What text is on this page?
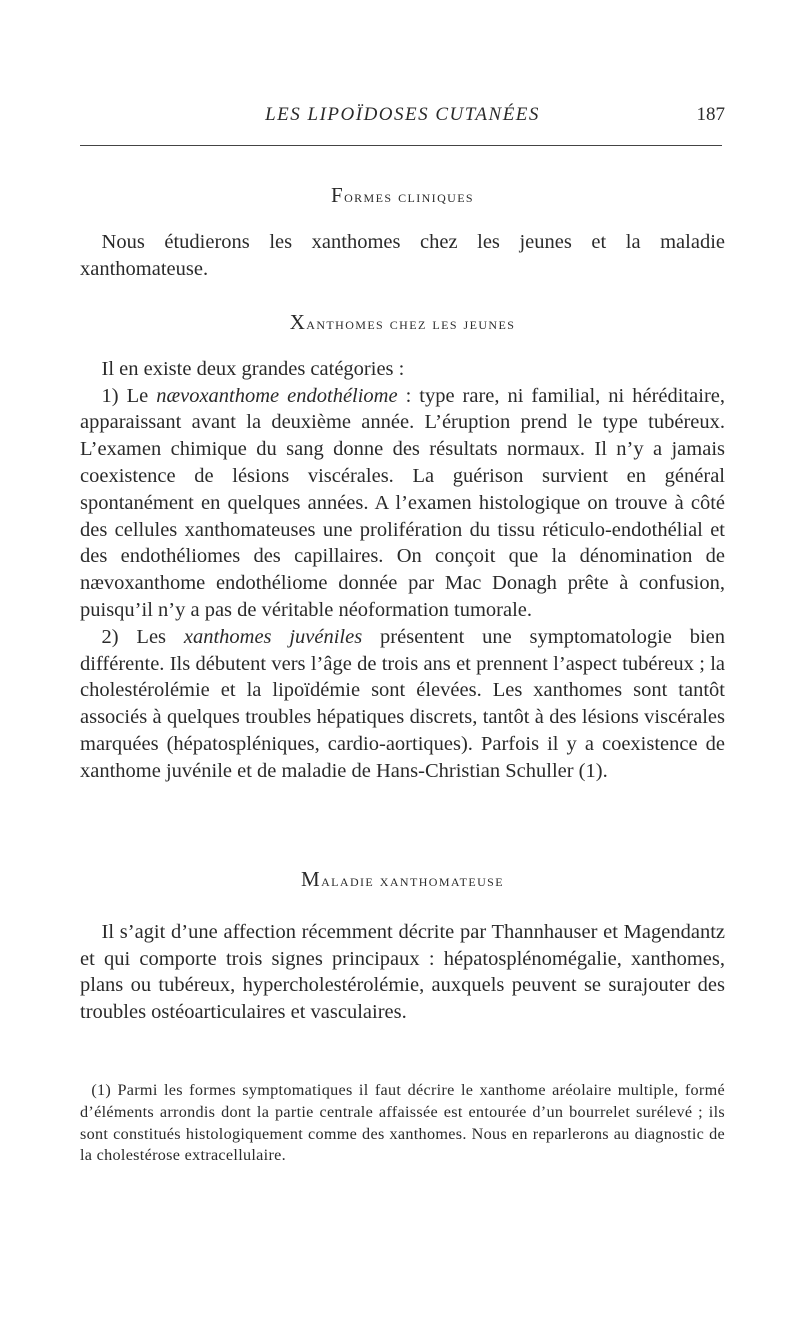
LES LIPOÏDOSES CUTANÉES	187
Formes cliniques

Nous étudierons les xanthomes chez les jeunes et la maladie xanthomateuse.

Xanthomes chez les jeunes

Il en existe deux grandes catégories :

1) Le nævoxanthome endothéliome : type rare, ni familial, ni héréditaire, apparaissant avant la deuxième année. L’éruption prend le type tubéreux. L’examen chimique du sang donne des résultats normaux. Il n’y a jamais coexistence de lésions viscérales. La guérison survient en général spontanément en quelques années. A l’examen histologique on trouve à côté des cellules xanthomateuses une prolifération du tissu réticulo-endothélial et des endothéliomes des capillaires. On conçoit que la dénomination de nævoxanthome endothéliome donnée par Mac Donagh prête à confusion, puisqu’il n’y a pas de véritable néoformation tumorale.

2) Les xanthomes juvéniles présentent une symptomatologie bien différente. Ils débutent vers l’âge de trois ans et prennent l’aspect tubéreux ; la cholestérolémie et la lipoïdémie sont élevées. Les xanthomes sont tantôt associés à quelques troubles hépatiques discrets, tantôt à des lésions viscérales marquées (hépatospléniques, cardio-aortiques). Parfois il y a coexistence de xanthome juvénile et de maladie de Hans-Christian Schuller (1).

Maladie xanthomateuse

Il s’agit d’une affection récemment décrite par Thannhauser et Magendantz et qui comporte trois signes principaux : hépatosplénomégalie, xanthomes, plans ou tubéreux, hypercholestérolémie, auxquels peuvent se surajouter des troubles ostéoarticulaires et vasculaires.

(1) Parmi les formes symptomatiques il faut décrire le xanthome aréolaire multiple, formé d’éléments arrondis dont la partie centrale affaissée est entourée d’un bourrelet surélevé ; ils sont constitués histologiquement comme des xanthomes. Nous en reparlerons au diagnostic de la cholestérose extracellulaire.
